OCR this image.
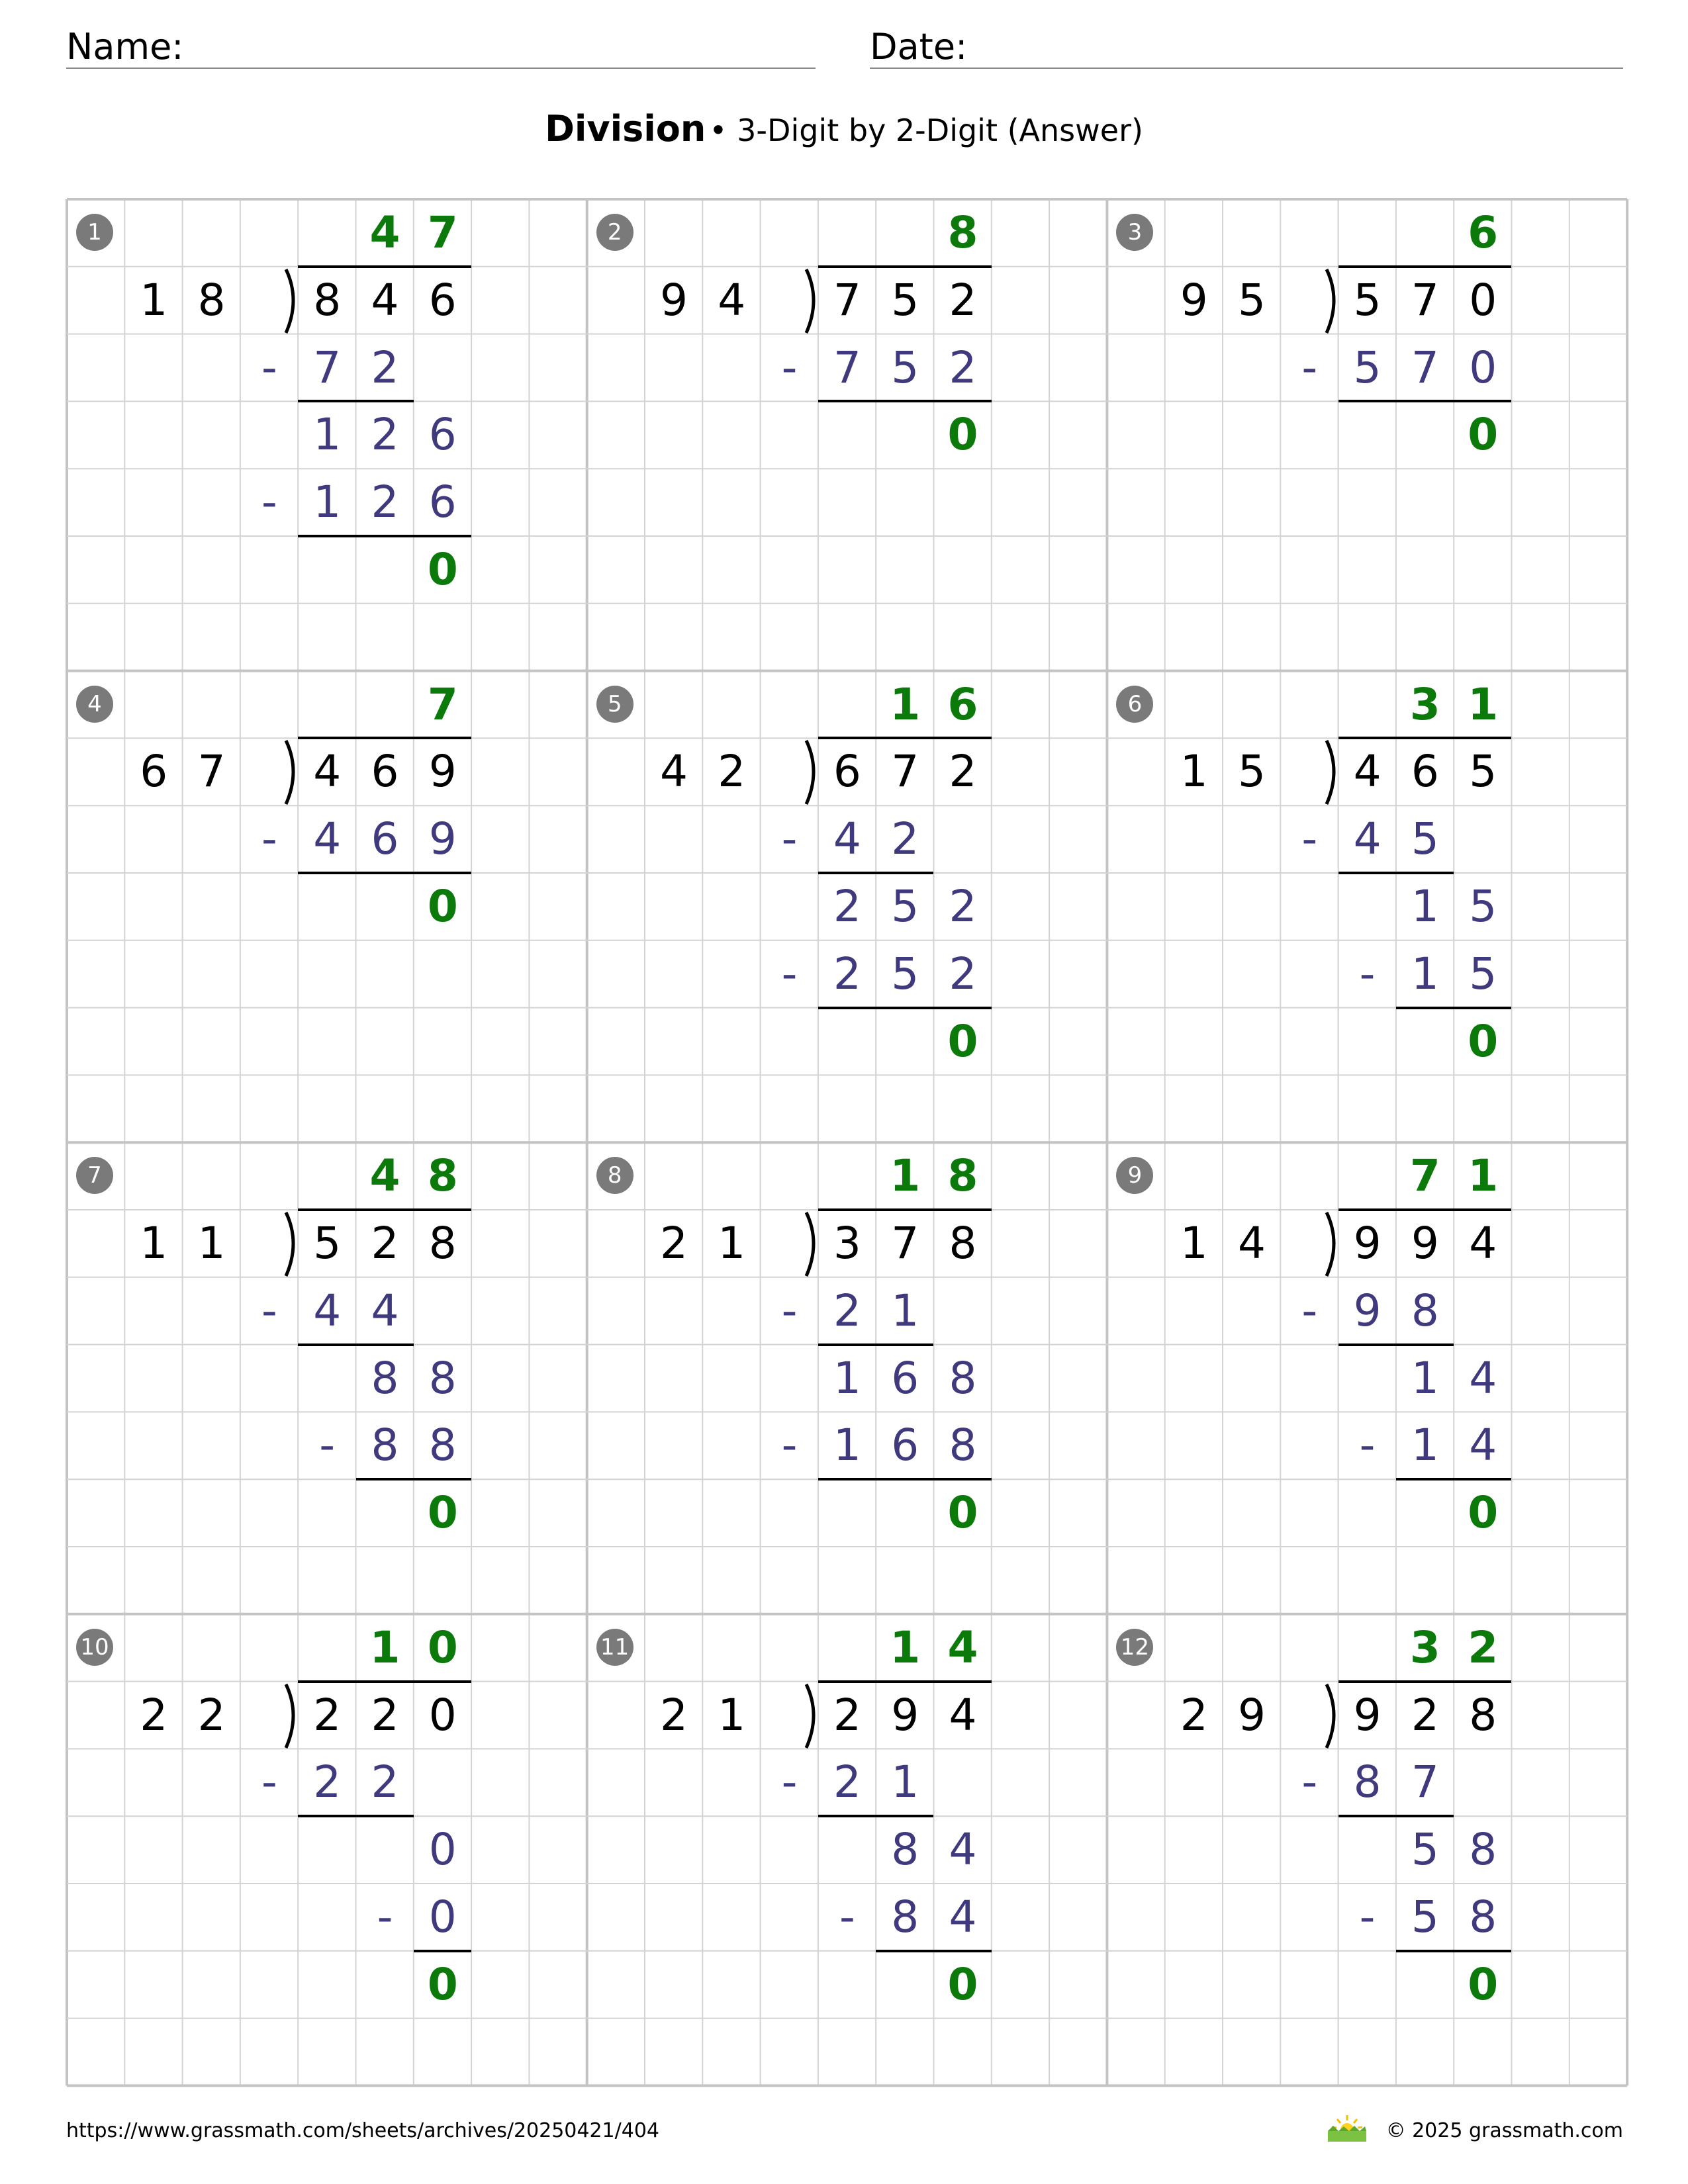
Name:	Date:
Division • 3-Digit by 2-Digit (Answer)
1	4 7
1 8	8 4 6
- 7 2
1 2 6
- 1 2 6
0
2	8
9 4	7 5 2
- 7 5 2
0
3	6
9 5	5 7 0
- 5 7 0
0
4	7
6 7	4 6 9
- 4 6 9
0
5	1 6
4 2	6 7 2
- 4 2
2 5 2
- 2 5 2
0
6	3 1
1 5	4 6 5
- 4 5
1 5
- 1 5
0
7	4 8
1 1	5 2 8
- 4 4
8 8
- 8 8
0
8	1 8
2 1	3 7 8
- 2 1
1 6 8
- 1 6 8
0
9	7 1
1 4	9 9 4
- 9 8
1 4
- 1 4
0
10	1 0
2 2	2 2 0
- 2 2
0
- 0
0
11	1 4
2 1	2 9 4
- 2 1
8 4
- 8 4
0
12	3 2
2 9	9 2 8
- 8 7
5 8
- 5 8
0
https://www.grassmath.com/sheets/archives/20250421/404	© 2025 grassmath.com
